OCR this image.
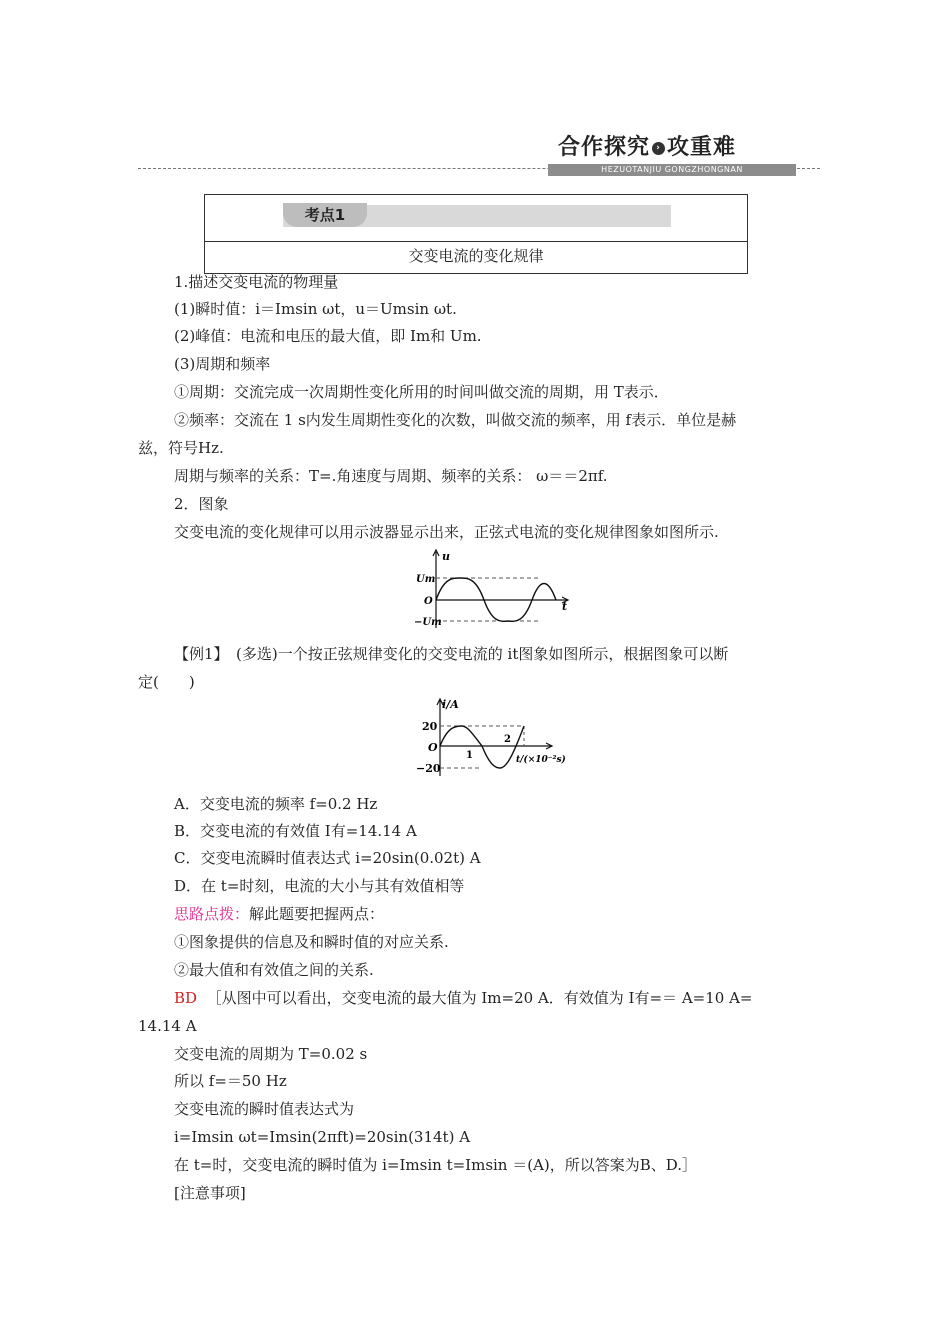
合作探究 › 攻重难
HEZUOTANJIU GONGZHONGNAN
考点1
交变电流的变化规律
1.描述交变电流的物理量
(1)瞬时值：i＝Imsin ωt，u＝Umsin ωt.
(2)峰值：电流和电压的最大值，即 Im和 Um.
(3)周期和频率
①周期：交流完成一次周期性变化所用的时间叫做交流的周期，用 T表示．
②频率：交流在 1 s内发生周期性变化的次数，叫做交流的频率，用 f表示．单位是赫
兹，符号Hz.
周期与频率的关系：T=.角速度与周期、频率的关系： ω＝＝2πf.
2．图象
交变电流的变化规律可以用示波器显示出来，正弦式电流的变化规律图象如图所示.
u
t
Um
O
−Um
【例1】　(多选)一个按正弦规律变化的交变电流的 it图象如图所示，根据图象可以断
定(　　)
i/A
20
O
−20
1
2
t/(×10⁻²s)
A．交变电流的频率 f=0.2 Hz
B．交变电流的有效值 I有=14.14 A
C．交变电流瞬时值表达式 i=20sin(0.02t) A
D．在 t=时刻，电流的大小与其有效值相等
思路点拨：解此题要把握两点：
①图象提供的信息及和瞬时值的对应关系.
②最大值和有效值之间的关系.
BD ［从图中可以看出，交变电流的最大值为 Im=20 A．有效值为 I有=＝ A=10 A=
14.14 A
交变电流的周期为 T=0.02 s
所以 f=＝50 Hz
交变电流的瞬时值表达式为
i=Imsin ωt=Imsin(2πft)=20sin(314t) A
在 t=时，交变电流的瞬时值为 i=Imsin t=Imsin ＝(A)，所以答案为B、D.］
[注意事项]
